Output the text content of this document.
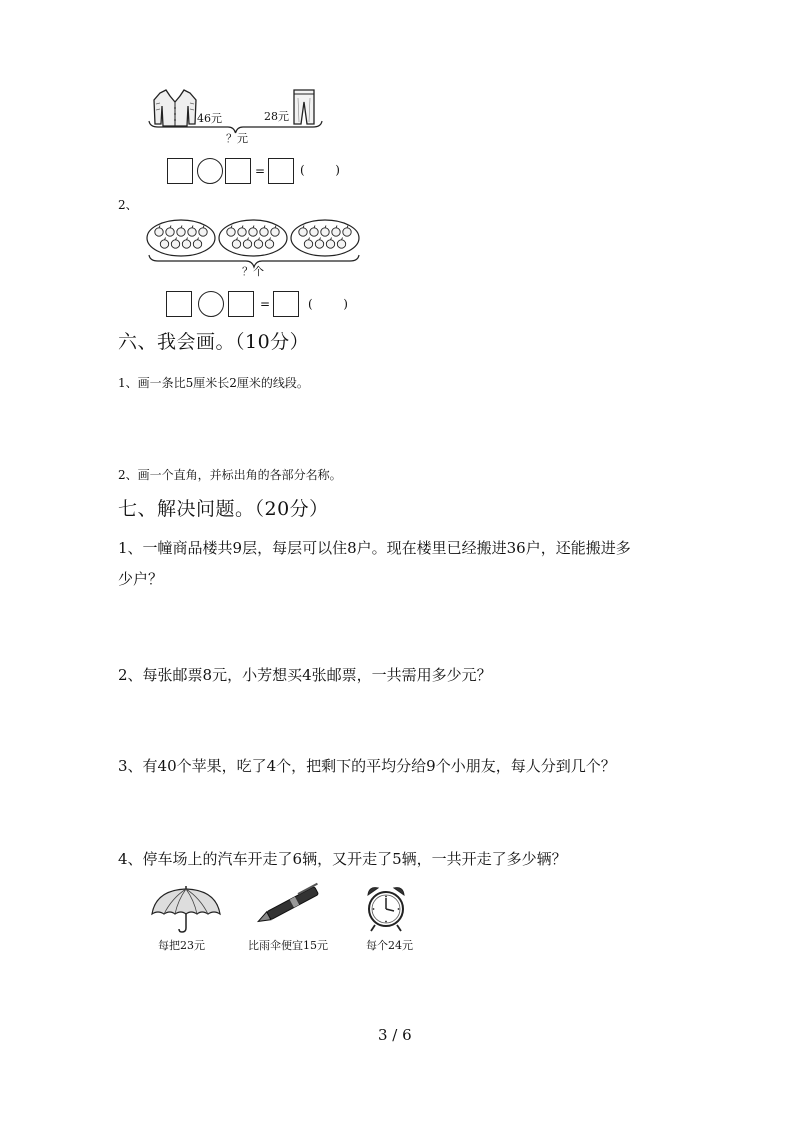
46元	28元
？元
=	(        )
2、
？个
=	(        )
六、我会画。（10分）
1、画一条比5厘米长2厘米的线段。
2、画一个直角，并标出角的各部分名称。
七、解决问题。（20分）
1、一幢商品楼共9层，每层可以住8户。现在楼里已经搬进36户，还能搬进多
少户？
2、每张邮票8元，小芳想买4张邮票，一共需用多少元？
3、有40个苹果，吃了4个，把剩下的平均分给9个小朋友，每人分到几个？
4、停车场上的汽车开走了6辆，又开走了5辆，一共开走了多少辆？
每把23元	比雨伞便宜15元	每个24元
3 / 6
